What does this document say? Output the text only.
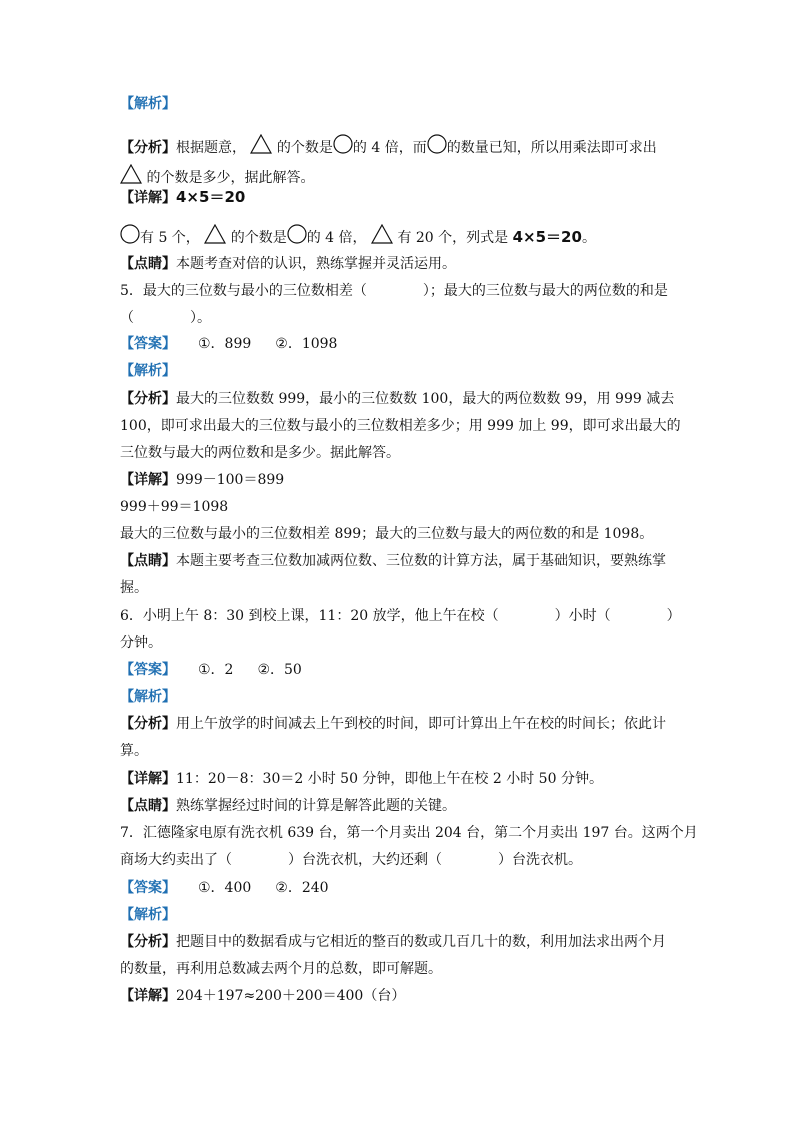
【解析】
【分析】根据题意， 的个数是 的 4 倍，而 的数量已知，所以用乘法即可求出
的个数是多少，据此解答。
【详解】4×5＝20
有 5 个， 的个数是 的 4 倍， 有 20 个，列式是 4×5＝20。
【点睛】本题考查对倍的认识，熟练掌握并灵活运用。
5．最大的三位数与最小的三位数相差（　　　　）；最大的三位数与最大的两位数的和是
（　　　　）。
【答案】 ①．899 ②．1098
【解析】
【分析】最大的三位数数 999，最小的三位数数 100，最大的两位数数 99，用 999 减去
100，即可求出最大的三位数与最小的三位数相差多少；用 999 加上 99，即可求出最大的
三位数与最大的两位数和是多少。据此解答。
【详解】999－100＝899
999＋99＝1098
最大的三位数与最小的三位数相差 899；最大的三位数与最大的两位数的和是 1098。
【点睛】本题主要考查三位数加减两位数、三位数的计算方法，属于基础知识，要熟练掌
握。
6．小明上午 8：30 到校上课，11：20 放学，他上午在校（　　　　）小时（　　　　）
分钟。
【答案】 ①．2 ②．50
【解析】
【分析】用上午放学的时间减去上午到校的时间，即可计算出上午在校的时间长；依此计
算。
【详解】11：20－8：30＝2 小时 50 分钟，即他上午在校 2 小时 50 分钟。
【点睛】熟练掌握经过时间的计算是解答此题的关键。
7．汇德隆家电原有洗衣机 639 台，第一个月卖出 204 台，第二个月卖出 197 台。这两个月
商场大约卖出了（　　　　）台洗衣机，大约还剩（　　　　）台洗衣机。
【答案】 ①．400 ②．240
【解析】
【分析】把题目中的数据看成与它相近的整百的数或几百几十的数，利用加法求出两个月
的数量，再利用总数减去两个月的总数，即可解题。
【详解】204＋197≈200＋200＝400（台）
